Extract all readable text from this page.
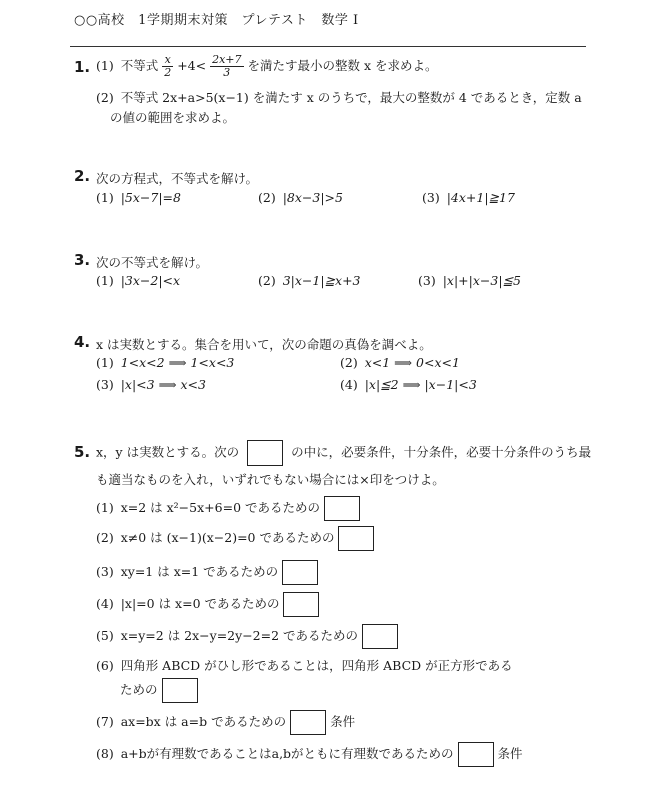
○○高校　1学期期末対策　プレテスト　数学 I
1. (1) 不等式 $\frac{x}{2} +4< \frac{2x+7}{3}$ を満たす最小の整数 x を求めよ。
(2) 不等式 2x+a>5(x−1) を満たす x のうちで，最大の整数が 4 であるとき，定数 a
の値の範囲を求めよ。
2. 次の方程式，不等式を解け。
(1) |5x−7|=8	(2) |8x−3|>5	(3) |4x+1|≧17
3. 次の不等式を解け。
(1) |3x−2|<x	(2) 3|x−1|≧x+3	(3) |x|+|x−3|≦5
4. x は実数とする。集合を用いて，次の命題の真偽を調べよ。
(1) 1<x<2 ⟹ 1<x<3	(2) x<1 ⟹ 0<x<1
(3) |x|<3 ⟹ x<3	(4) |x|≦2 ⟹ |x−1|<3
5. x，y は実数とする。次の	の中に，必要条件，十分条件，必要十分条件のうち最
も適当なものを入れ，いずれでもない場合には×印をつけよ。
(1) x=2 は x²−5x+6=0 であるための
(2) x≠0 は (x−1)(x−2)=0 であるための
(3) xy=1 は x=1 であるための
(4) |x|=0 は x=0 であるための
(5) x=y=2 は 2x−y=2y−2=2 であるための
(6) 四角形 ABCD がひし形であることは，四角形 ABCD が正方形である
ための
(7) ax=bx は a=b であるための	条件
(8) a+bが有理数であることはa,bがともに有理数であるための	条件
